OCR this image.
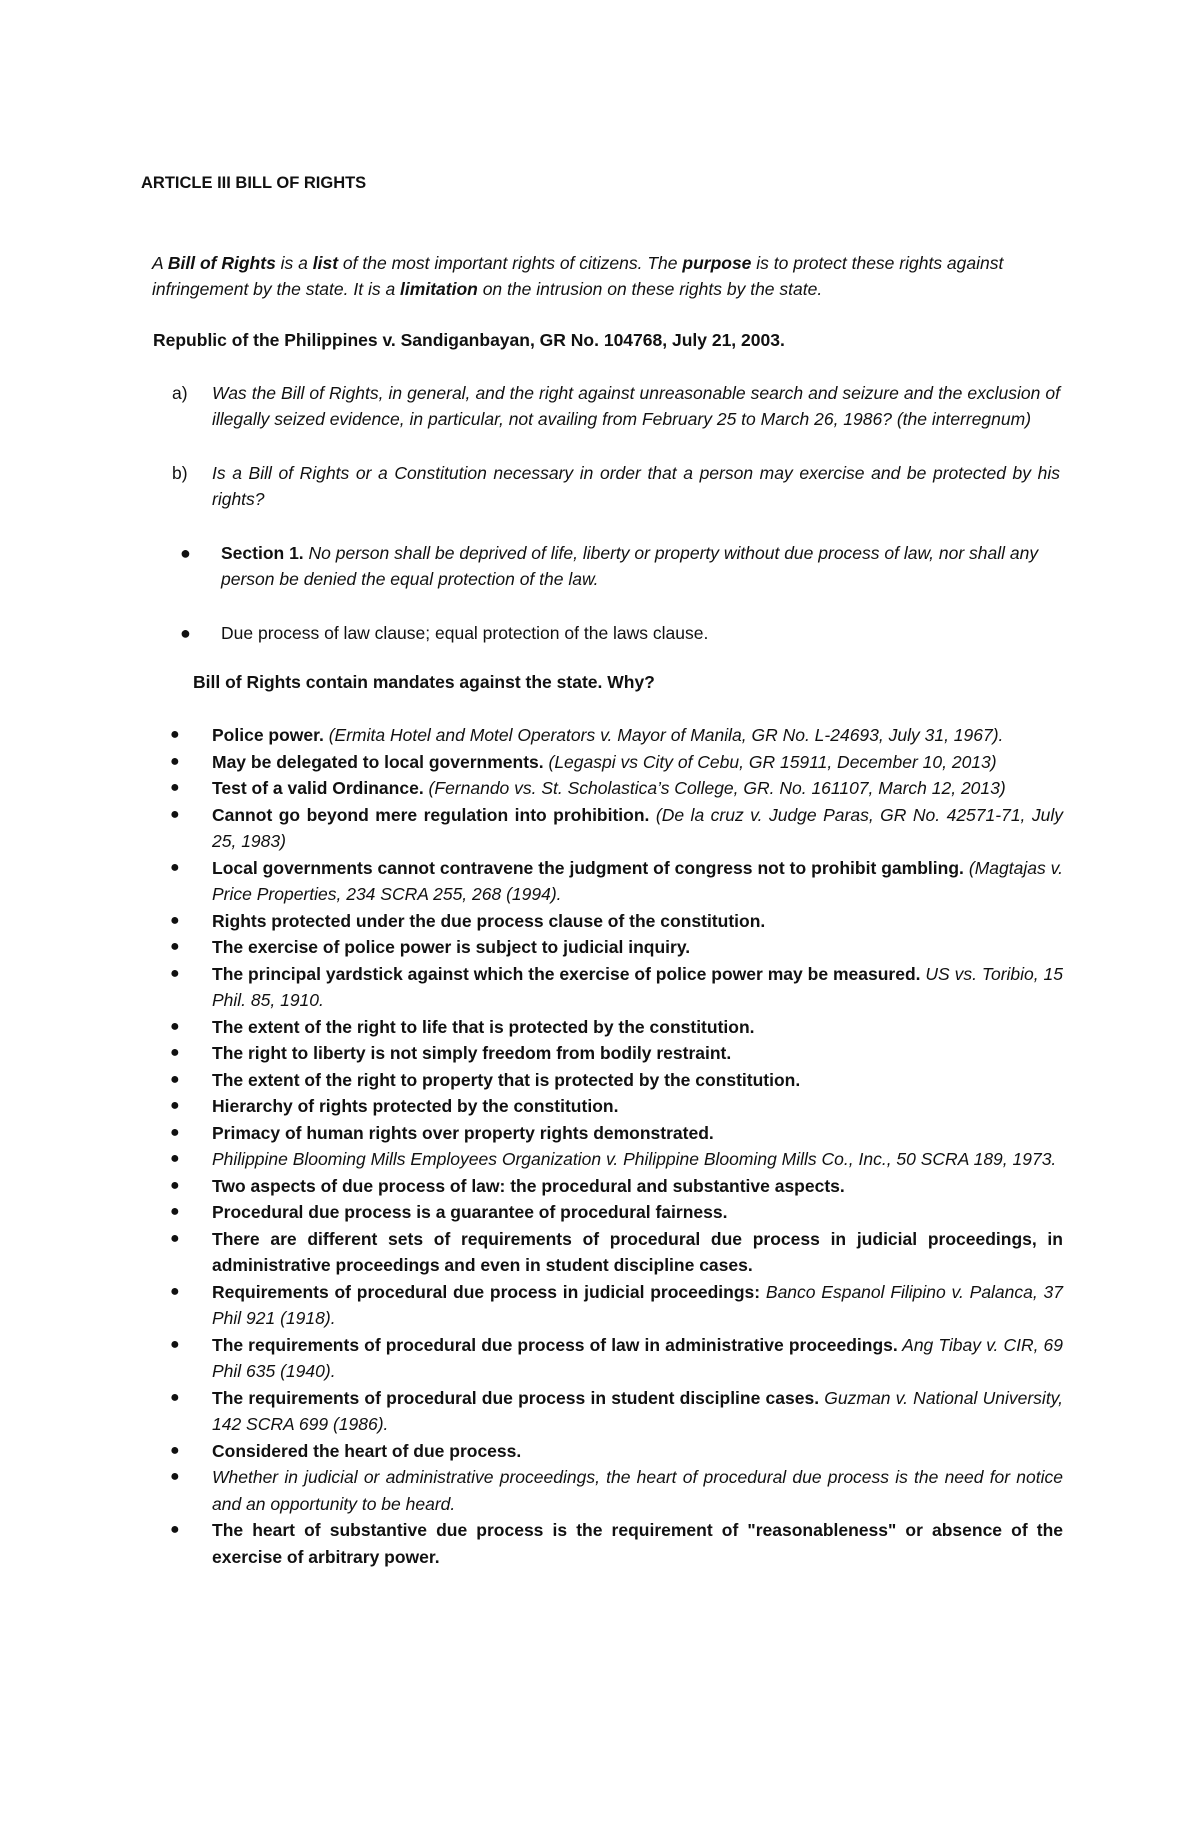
ARTICLE III BILL OF RIGHTS
A Bill of Rights is a list of the most important rights of citizens. The purpose is to protect these rights against infringement by the state. It is a limitation on the intrusion on these rights by the state.
Republic of the Philippines v. Sandiganbayan, GR No. 104768, July 21, 2003.
a) Was the Bill of Rights, in general, and the right against unreasonable search and seizure and the exclusion of illegally seized evidence, in particular, not availing from February 25 to March 26, 1986? (the interregnum)
b) Is a Bill of Rights or a Constitution necessary in order that a person may exercise and be protected by his rights?
● Section 1. No person shall be deprived of life, liberty or property without due process of law, nor shall any person be denied the equal protection of the law.
● Due process of law clause; equal protection of the laws clause.
Bill of Rights contain mandates against the state. Why?
● Police power. (Ermita Hotel and Motel Operators v. Mayor of Manila, GR No. L-24693, July 31, 1967).
● May be delegated to local governments. (Legaspi vs City of Cebu, GR 15911, December 10, 2013)
● Test of a valid Ordinance. (Fernando vs. St. Scholastica’s College, GR. No. 161107, March 12, 2013)
● Cannot go beyond mere regulation into prohibition. (De la cruz v. Judge Paras, GR No. 42571-71, July 25, 1983)
● Local governments cannot contravene the judgment of congress not to prohibit gambling. (Magtajas v. Price Properties, 234 SCRA 255, 268 (1994).
● Rights protected under the due process clause of the constitution.
● The exercise of police power is subject to judicial inquiry.
● The principal yardstick against which the exercise of police power may be measured. US vs. Toribio, 15 Phil. 85, 1910.
● The extent of the right to life that is protected by the constitution.
● The right to liberty is not simply freedom from bodily restraint.
● The extent of the right to property that is protected by the constitution.
● Hierarchy of rights protected by the constitution.
● Primacy of human rights over property rights demonstrated.
● Philippine Blooming Mills Employees Organization v. Philippine Blooming Mills Co., Inc., 50 SCRA 189, 1973.
● Two aspects of due process of law: the procedural and substantive aspects.
● Procedural due process is a guarantee of procedural fairness.
● There are different sets of requirements of procedural due process in judicial proceedings, in administrative proceedings and even in student discipline cases.
● Requirements of procedural due process in judicial proceedings: Banco Espanol Filipino v. Palanca, 37 Phil 921 (1918).
● The requirements of procedural due process of law in administrative proceedings. Ang Tibay v. CIR, 69 Phil 635 (1940).
● The requirements of procedural due process in student discipline cases. Guzman v. National University, 142 SCRA 699 (1986).
● Considered the heart of due process.
● Whether in judicial or administrative proceedings, the heart of procedural due process is the need for notice and an opportunity to be heard.
● The heart of substantive due process is the requirement of "reasonableness" or absence of the exercise of arbitrary power.
